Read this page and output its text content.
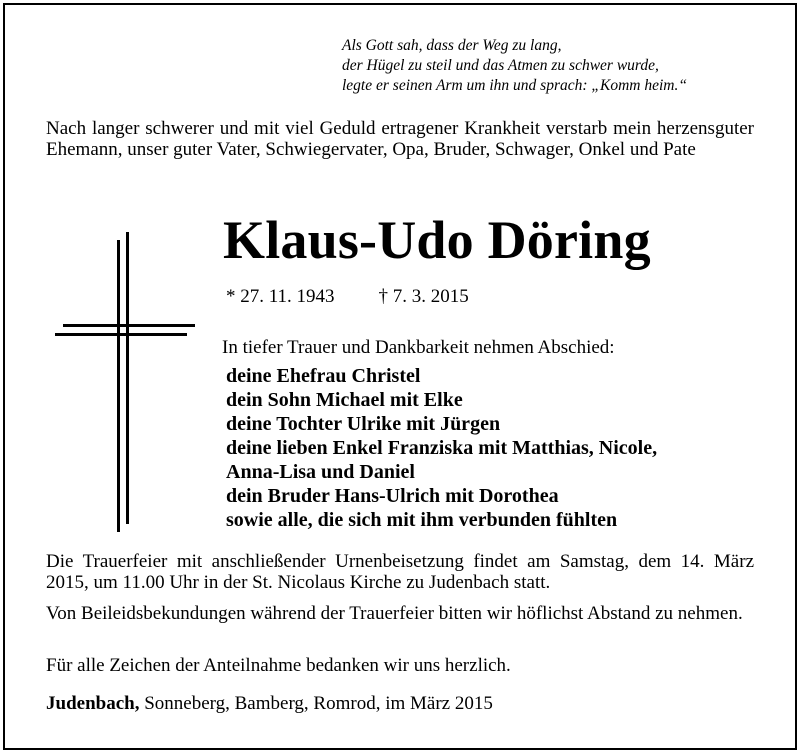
Als Gott sah, dass der Weg zu lang,
der Hügel zu steil und das Atmen zu schwer wurde,
legte er seinen Arm um ihn und sprach: „Komm heim.“

Nach langer schwerer und mit viel Geduld ertragener Krankheit verstarb mein herzensguter Ehemann, unser guter Vater, Schwiegervater, Opa, Bruder, Schwager, Onkel und Pate

Klaus-Udo Döring
* 27. 11. 1943 † 7. 3. 2015
In tiefer Trauer und Dankbarkeit nehmen Abschied:
deine Ehefrau Christel
dein Sohn Michael mit Elke
deine Tochter Ulrike mit Jürgen
deine lieben Enkel Franziska mit Matthias, Nicole,
Anna-Lisa und Daniel
dein Bruder Hans-Ulrich mit Dorothea
sowie alle, die sich mit ihm verbunden fühlten

Die Trauerfeier mit anschließender Urnenbeisetzung findet am Samstag, dem 14. März 2015, um 11.00 Uhr in der St. Nicolaus Kirche zu Judenbach statt.

Von Beileidsbekundungen während der Trauerfeier bitten wir höflichst Abstand zu nehmen.

Für alle Zeichen der Anteilnahme bedanken wir uns herzlich.

Judenbach, Sonneberg, Bamberg, Romrod, im März 2015
